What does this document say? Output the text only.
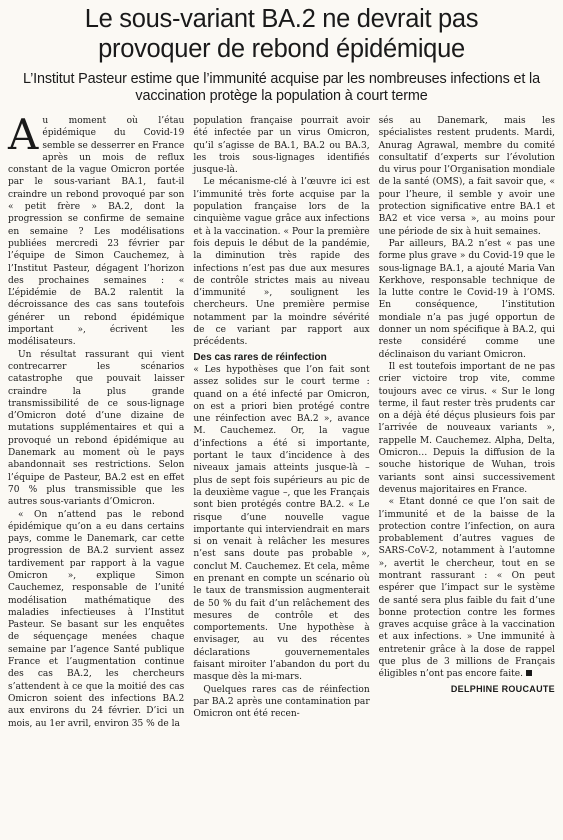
Le sous-variant BA.2 ne devrait pas
provoquer de rebond épidémique
L’Institut Pasteur estime que l’immunité acquise par les nombreuses infections et la vaccination protège la population à court terme

Au moment où l’étau épidémique du Covid-19 semble se desserrer en France après un mois de reflux constant de la vague Omicron portée par le sous-variant BA.1, faut-il craindre un rebond provoqué par son « petit frère » BA.2, dont la progression se confirme de semaine en semaine ? Les modélisations publiées mercredi 23 février par l’équipe de Simon Cauchemez, à l’Institut Pasteur, dégagent l’horizon des prochaines semaines : « L’épidémie de BA.2 ralentit la décroissance des cas sans toutefois générer un rebond épidémique important », écrivent les modélisateurs.

Un résultat rassurant qui vient contrecarrer les scénarios catastrophe que pouvait laisser craindre la plus grande transmissibilité de ce sous-lignage d’Omicron doté d’une dizaine de mutations supplémentaires et qui a provoqué un rebond épidémique au Danemark au moment où le pays abandonnait ses restrictions. Selon l’équipe de Pasteur, BA.2 est en effet 70 % plus transmissible que les autres sous-variants d’Omicron.

« On n’attend pas le rebond épidémique qu’on a eu dans certains pays, comme le Danemark, car cette progression de BA.2 survient assez tardivement par rapport à la vague Omicron », explique Simon Cauchemez, responsable de l’unité modélisation mathématique des maladies infectieuses à l’Institut Pasteur. Se basant sur les enquêtes de séquençage menées chaque semaine par l’agence Santé publique France et l’augmentation continue des cas BA.2, les chercheurs s’attendent à ce que la moitié des cas Omicron soient des infections BA.2 aux environs du 24 février. D’ici un mois, au 1er avril, environ 35 % de la

population française pourrait avoir été infectée par un virus Omicron, qu’il s’agisse de BA.1, BA.2 ou BA.3, les trois sous-lignages identifiés jusque-là.

Le mécanisme-clé à l’œuvre ici est l’immunité très forte acquise par la population française lors de la cinquième vague grâce aux infections et à la vaccination. « Pour la première fois depuis le début de la pandémie, la diminution très rapide des infections n’est pas due aux mesures de contrôle strictes mais au niveau d’immunité », soulignent les chercheurs. Une première permise notamment par la moindre sévérité de ce variant par rapport aux précédents.

Des cas rares de réinfection

« Les hypothèses que l’on fait sont assez solides sur le court terme : quand on a été infecté par Omicron, on est a priori bien protégé contre une réinfection avec BA.2 », avance M. Cauchemez. Or, la vague d’infections a été si importante, portant le taux d’incidence à des niveaux jamais atteints jusque-là – plus de sept fois supérieurs au pic de la deuxième vague –, que les Français sont bien protégés contre BA.2. « Le risque d’une nouvelle vague importante qui interviendrait en mars si on venait à relâcher les mesures n’est sans doute pas probable », conclut M. Cauchemez. Et cela, même en prenant en compte un scénario où le taux de transmission augmenterait de 50 % du fait d’un relâchement des mesures de contrôle et des comportements. Une hypothèse à envisager, au vu des récentes déclarations gouvernementales faisant miroiter l’abandon du port du masque dès la mi-mars.

Quelques rares cas de réinfection par BA.2 après une contamination par Omicron ont été recen-

sés au Danemark, mais les spécialistes restent prudents. Mardi, Anurag Agrawal, membre du comité consultatif d’experts sur l’évolution du virus pour l’Organisation mondiale de la santé (OMS), a fait savoir que, « pour l’heure, il semble y avoir une protection significative entre BA.1 et BA2 et vice versa », au moins pour une période de six à huit semaines.

Par ailleurs, BA.2 n’est « pas une forme plus grave » du Covid-19 que le sous-lignage BA.1, a ajouté Maria Van Kerkhove, responsable technique de la lutte contre le Covid-19 à l’OMS. En conséquence, l’institution mondiale n’a pas jugé opportun de donner un nom spécifique à BA.2, qui reste considéré comme une déclinaison du variant Omicron.

Il est toutefois important de ne pas crier victoire trop vite, comme toujours avec ce virus. « Sur le long terme, il faut rester très prudents car on a déjà été déçus plusieurs fois par l’arrivée de nouveaux variants », rappelle M. Cauchemez. Alpha, Delta, Omicron… Depuis la diffusion de la souche historique de Wuhan, trois variants sont ainsi successivement devenus majoritaires en France.

« Etant donné ce que l’on sait de l’immunité et de la baisse de la protection contre l’infection, on aura probablement d’autres vagues de SARS-CoV-2, notamment à l’automne », avertit le chercheur, tout en se montrant rassurant : « On peut espérer que l’impact sur le système de santé sera plus faible du fait d’une bonne protection contre les formes graves acquise grâce à la vaccination et aux infections. » Une immunité à entretenir grâce à la dose de rappel que plus de 3 millions de Français éligibles n’ont pas encore faite.

DELPHINE ROUCAUTE
